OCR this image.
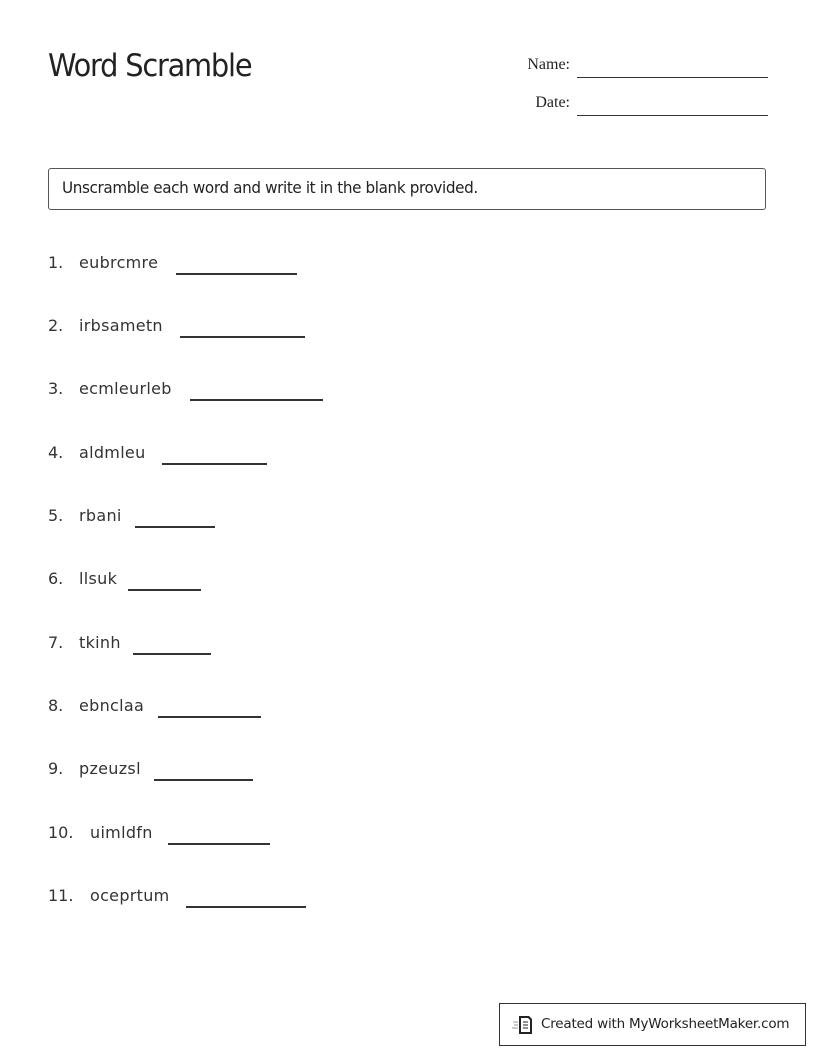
Word Scramble	Name:
Date:
Unscramble each word and write it in the blank provided.
1. eubrcmre
2. irbsametn
3. ecmleurleb
4. aldmleu
5. rbani
6. llsuk
7. tkinh
8. ebnclaa
9. pzeuzsl
10. uimldfn
11. oceprtum
Created with MyWorksheetMaker.com
